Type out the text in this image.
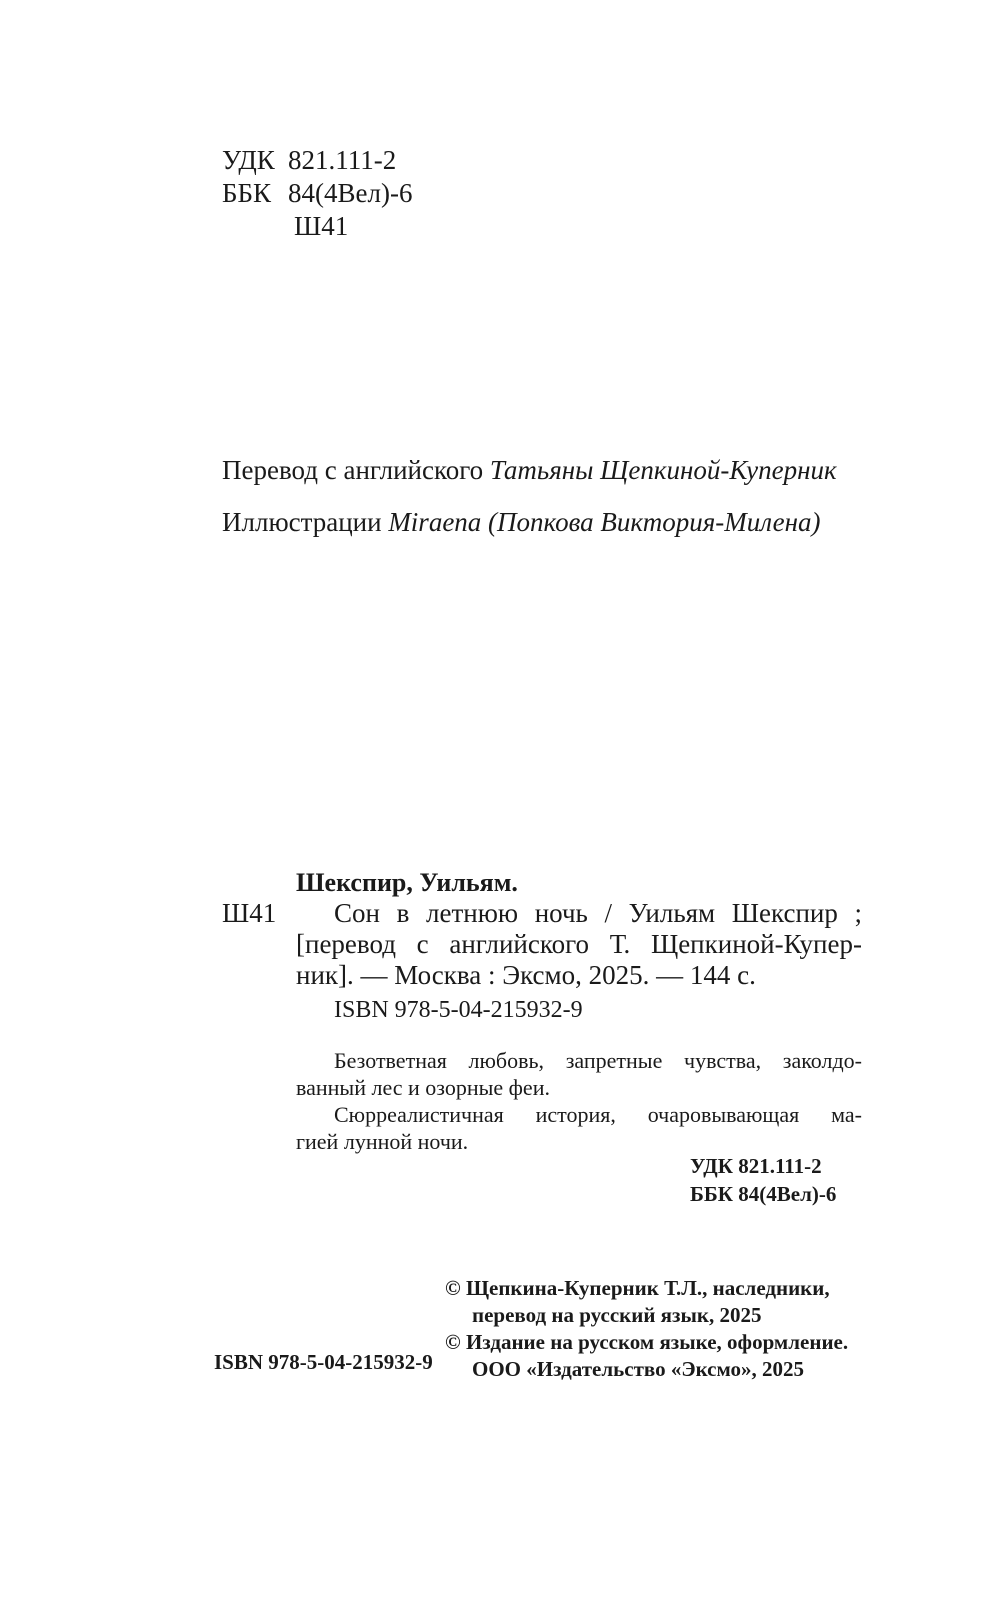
УДК 821.111-2
ББК 84(4Вел)-6
Ш41
Перевод с английского Татьяны Щепкиной-Куперник
Иллюстрации Miraena (Попкова Виктория-Милена)
Шекспир, Уильям.
Ш41	Сон в летнюю ночь / Уильям Шекспир ;
[перевод с английского Т. Щепкиной-Купер-
ник]. — Москва : Эксмо, 2025. — 144 с.
ISBN 978-5-04-215932-9
Безответная любовь, запретные чувства, заколдо-
ванный лес и озорные феи.
Сюрреалистичная история, очаровывающая ма-
гией лунной ночи.
УДК 821.111-2
ББК 84(4Вел)-6
ISBN 978-5-04-215932-9
© Щепкина-Куперник Т.Л., наследники,
перевод на русский язык, 2025
© Издание на русском языке, оформление.
ООО «Издательство «Эксмо», 2025
